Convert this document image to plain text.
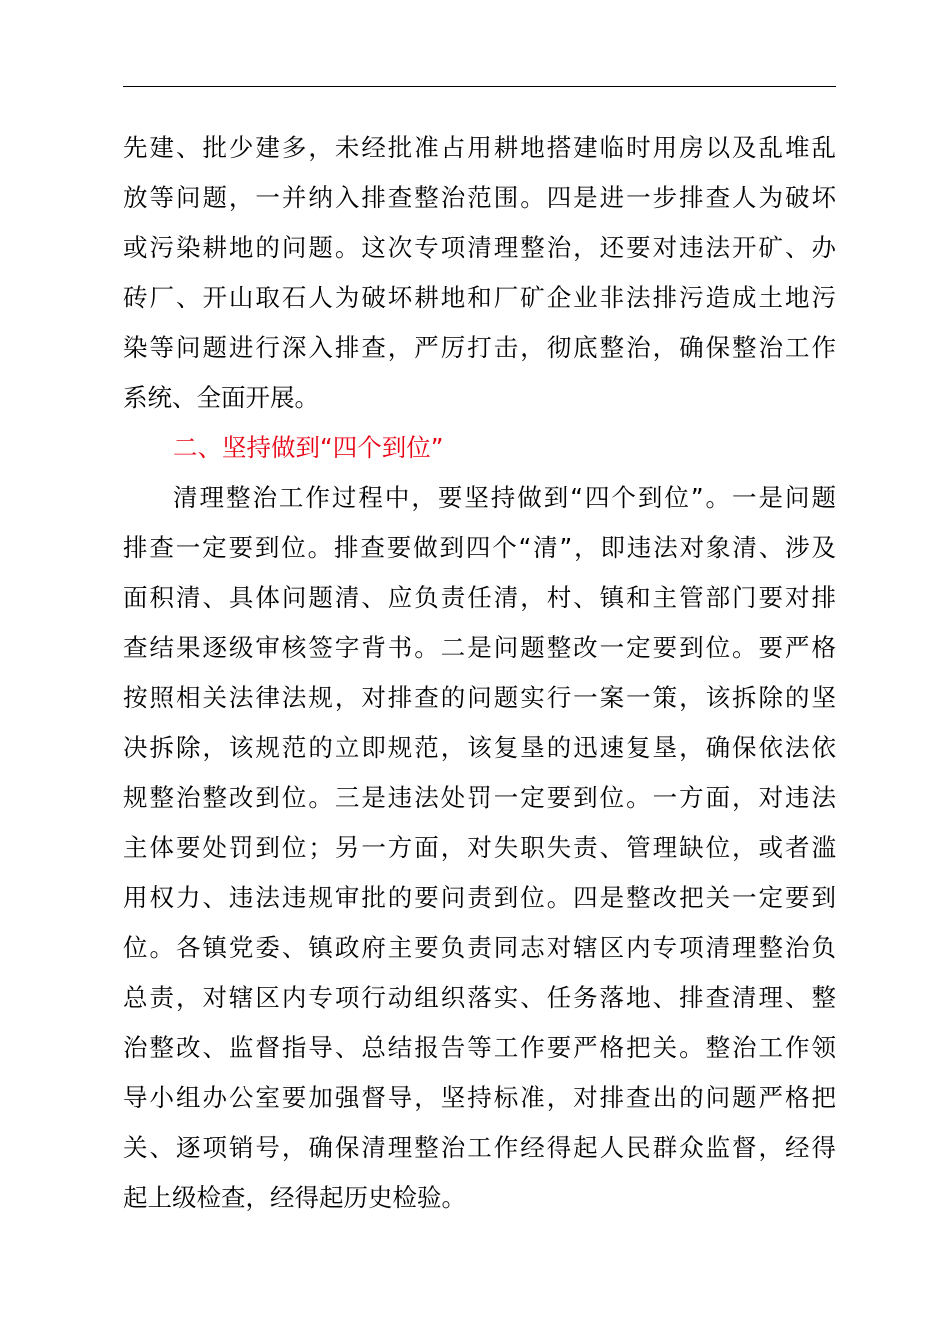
先建、批少建多，未经批准占用耕地搭建临时用房以及乱堆乱
放等问题，一并纳入排查整治范围。四是进一步排查人为破坏
或污染耕地的问题。这次专项清理整治，还要对违法开矿、办
砖厂、开山取石人为破坏耕地和厂矿企业非法排污造成土地污
染等问题进行深入排查，严厉打击，彻底整治，确保整治工作
系统、全面开展。
二、坚持做到“四个到位”
清理整治工作过程中，要坚持做到“四个到位”。一是问题
排查一定要到位。排查要做到四个“清”，即违法对象清、涉及
面积清、具体问题清、应负责任清，村、镇和主管部门要对排
查结果逐级审核签字背书。二是问题整改一定要到位。要严格
按照相关法律法规，对排查的问题实行一案一策，该拆除的坚
决拆除，该规范的立即规范，该复垦的迅速复垦，确保依法依
规整治整改到位。三是违法处罚一定要到位。一方面，对违法
主体要处罚到位；另一方面，对失职失责、管理缺位，或者滥
用权力、违法违规审批的要问责到位。四是整改把关一定要到
位。各镇党委、镇政府主要负责同志对辖区内专项清理整治负
总责，对辖区内专项行动组织落实、任务落地、排查清理、整
治整改、监督指导、总结报告等工作要严格把关。整治工作领
导小组办公室要加强督导，坚持标准，对排查出的问题严格把
关、逐项销号，确保清理整治工作经得起人民群众监督，经得
起上级检查，经得起历史检验。
